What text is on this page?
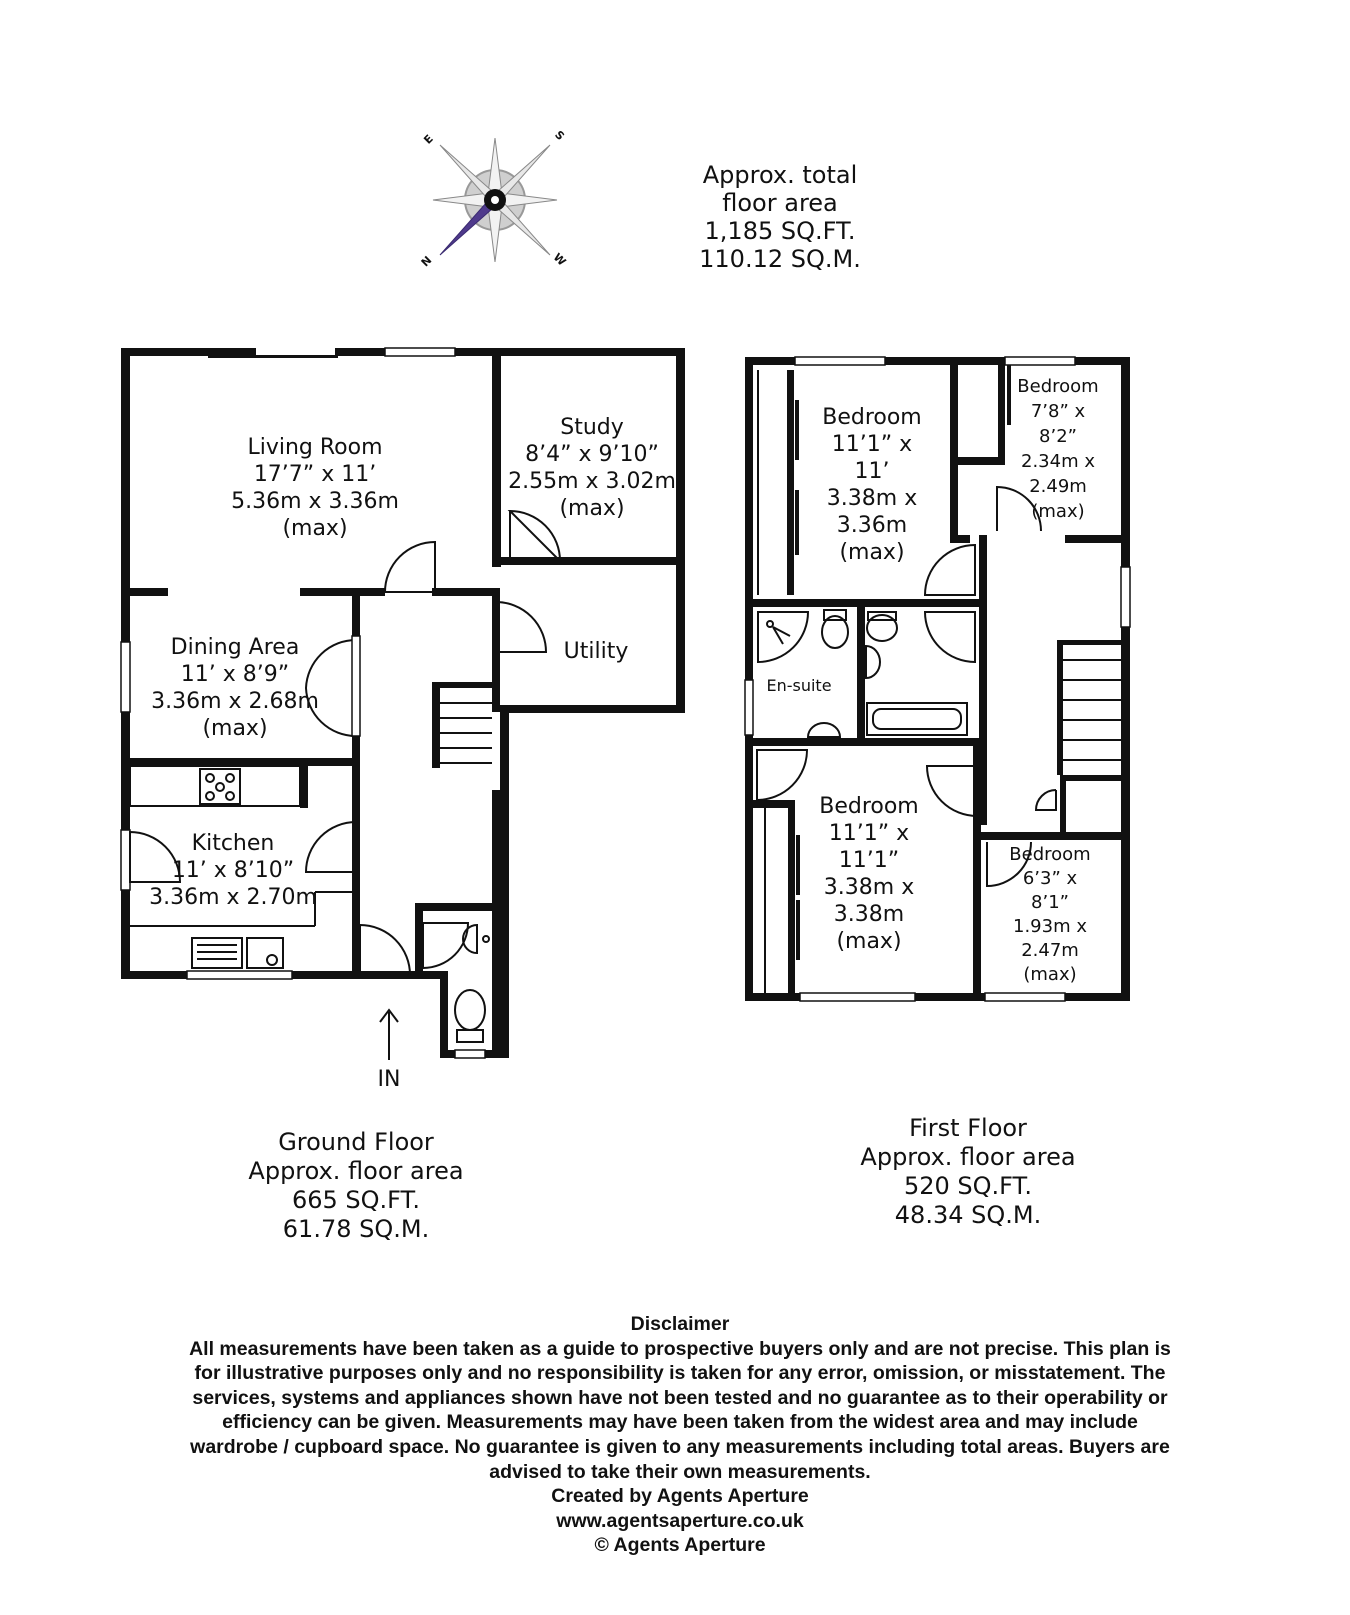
E	S
N	W
Approx. total
floor area
1,185 SQ.FT.
110.12 SQ.M.
IN
Living Room
17’7” x 11’
5.36m x 3.36m
(max)
Study
8’4” x 9’10”
2.55m x 3.02m
(max)
Utility
Dining Area
11’ x 8’9”
3.36m x 2.68m
(max)
Kitchen
11’ x 8’10”
3.36m x 2.70m
Ground Floor
Approx. floor area
665 SQ.FT.
61.78 SQ.M.
Bedroom
11’1” x
11’
3.38m x
3.36m
(max)
Bedroom
7’8” x
8’2”
2.34m x
2.49m
(max)
En-suite
Bedroom
11’1” x
11’1”
3.38m x
3.38m
(max)
Bedroom
6’3” x
8’1”
1.93m x
2.47m
(max)
First Floor
Approx. floor area
520 SQ.FT.
48.34 SQ.M.
Disclaimer
All measurements have been taken as a guide to prospective buyers only and are not precise. This plan is
for illustrative purposes only and no responsibility is taken for any error, omission, or misstatement. The
services, systems and appliances shown have not been tested and no guarantee as to their operability or
efficiency can be given. Measurements may have been taken from the widest area and may include
wardrobe / cupboard space. No guarantee is given to any measurements including total areas. Buyers are
advised to take their own measurements.
Created by Agents Aperture
www.agentsaperture.co.uk
© Agents Aperture
